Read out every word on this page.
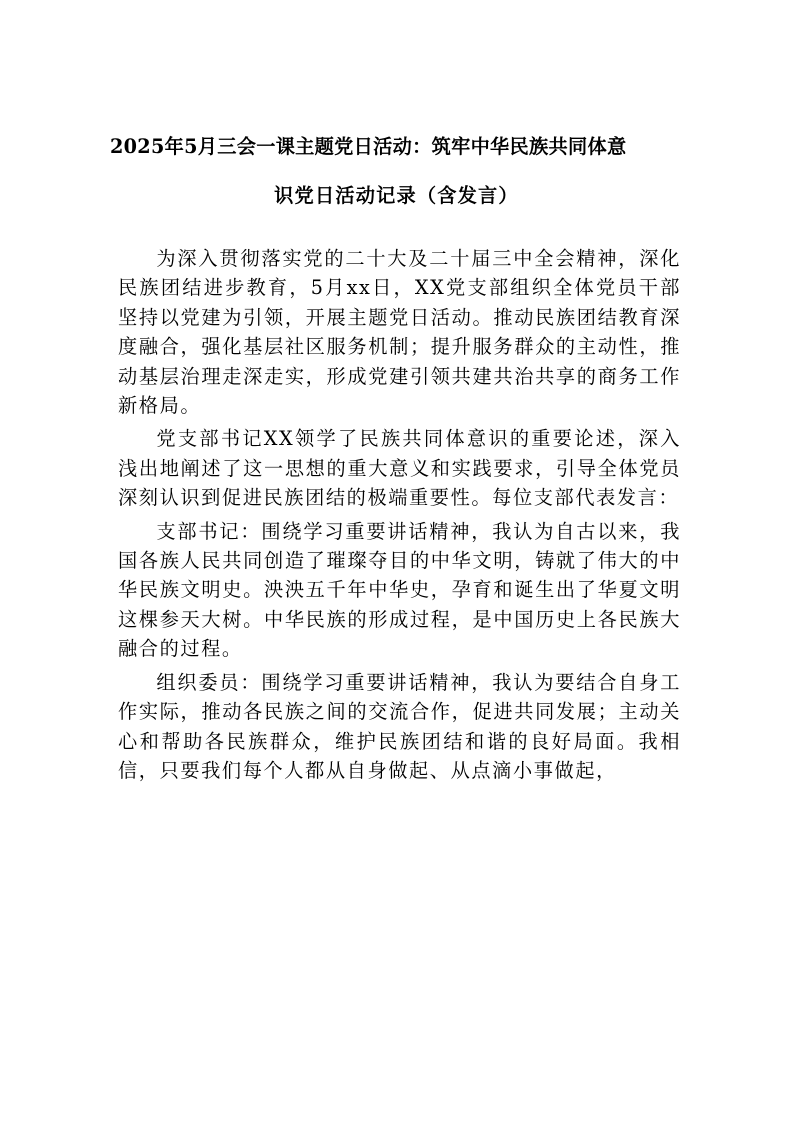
2025年5月三会一课主题党日活动：筑牢中华民族共同体意
识党日活动记录（含发言）

为深入贯彻落实党的二十大及二十届三中全会精神，深化民族团结进步教育，5月xx日，XX党支部组织全体党员干部坚持以党建为引领，开展主题党日活动。推动民族团结教育深度融合，强化基层社区服务机制；提升服务群众的主动性，推动基层治理走深走实，形成党建引领共建共治共享的商务工作新格局。

党支部书记XX领学了民族共同体意识的重要论述，深入浅出地阐述了这一思想的重大意义和实践要求，引导全体党员深刻认识到促进民族团结的极端重要性。每位支部代表发言：

支部书记：围绕学习重要讲话精神，我认为自古以来，我国各族人民共同创造了璀璨夺目的中华文明，铸就了伟大的中华民族文明史。泱泱五千年中华史，孕育和诞生出了华夏文明这棵参天大树。中华民族的形成过程，是中国历史上各民族大融合的过程。

组织委员：围绕学习重要讲话精神，我认为要结合自身工作实际，推动各民族之间的交流合作，促进共同发展；主动关心和帮助各民族群众，维护民族团结和谐的良好局面。我相信，只要我们每个人都从自身做起、从点滴小事做起，
